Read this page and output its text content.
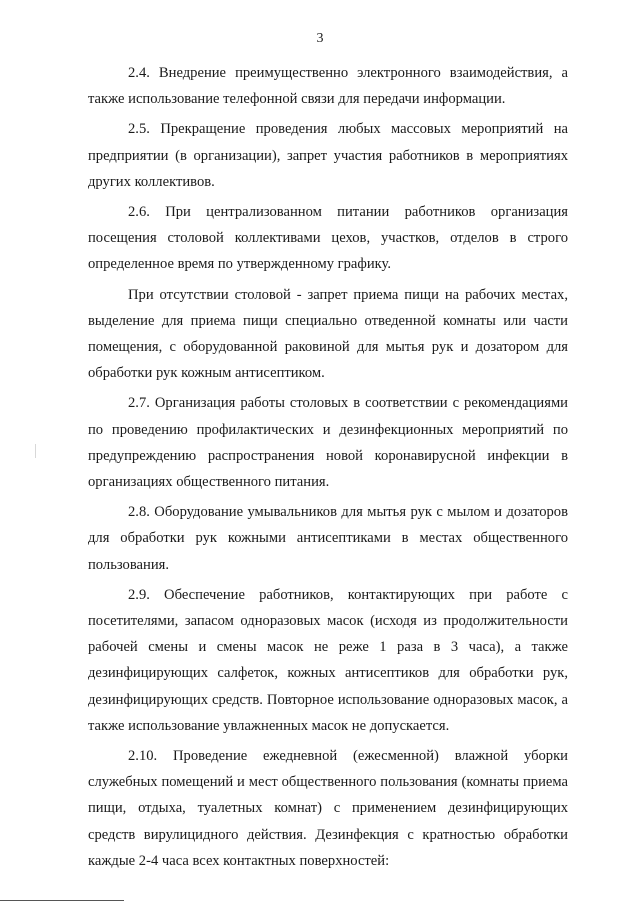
3

2.4. Внедрение преимущественно электронного взаимодействия, а также использование телефонной связи для передачи информации.

2.5. Прекращение проведения любых массовых мероприятий на предприятии (в организации), запрет участия работников в мероприятиях других коллективов.

2.6. При централизованном питании работников организация посещения столовой коллективами цехов, участков, отделов в строго определенное время по утвержденному графику.

При отсутствии столовой - запрет приема пищи на рабочих местах, выделение для приема пищи специально отведенной комнаты или части помещения, с оборудованной раковиной для мытья рук и дозатором для обработки рук кожным антисептиком.

2.7. Организация работы столовых в соответствии с рекомендациями по проведению профилактических и дезинфекционных мероприятий по предупреждению распространения новой коронавирусной инфекции в организациях общественного питания.

2.8. Оборудование умывальников для мытья рук с мылом и дозаторов для обработки рук кожными антисептиками в местах общественного пользования.

2.9. Обеспечение работников, контактирующих при работе с посетителями, запасом одноразовых масок (исходя из продолжительности рабочей смены и смены масок не реже 1 раза в 3 часа), а также дезинфицирующих салфеток, кожных антисептиков для обработки рук, дезинфицирующих средств. Повторное использование одноразовых масок, а также использование увлажненных масок не допускается.

2.10. Проведение ежедневной (ежесменной) влажной уборки служебных помещений и мест общественного пользования (комнаты приема пищи, отдыха, туалетных комнат) с применением дезинфицирующих средств вирулицидного действия. Дезинфекция с кратностью обработки каждые 2-4 часа всех контактных поверхностей:
